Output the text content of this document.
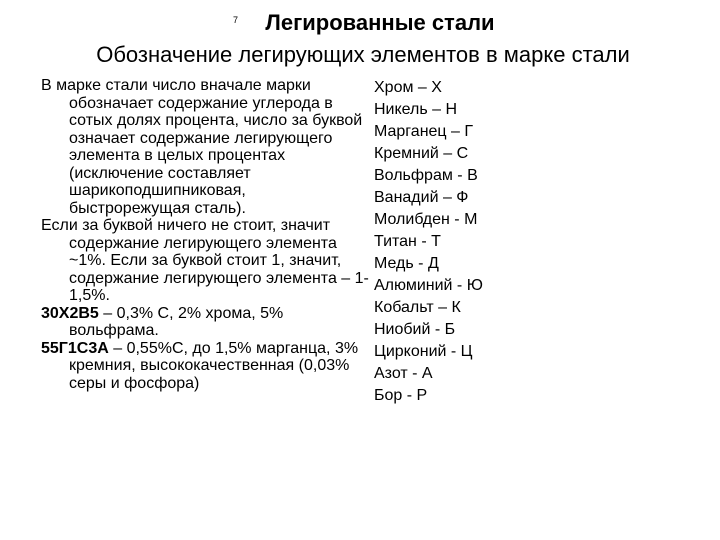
7	Легированные стали
Обозначение легирующих элементов в марке стали

В марке стали число вначале марки обозначает содержание углерода в сотых долях процента, число за буквой означает содержание легирующего элемента в целых процентах (исключение составляет шарикоподшипниковая, быстрорежущая сталь).

Если за буквой ничего не стоит, значит содержание легирующего элемента ~1%. Если за буквой стоит 1, значит, содержание легирующего элемента – 1-1,5%.

30Х2В5 – 0,3% С, 2% хрома, 5% вольфрама.

55Г1С3А – 0,55%С, до 1,5% марганца, 3% кремния, высококачественная (0,03% серы и фосфора)

Хром – Х
Никель – Н
Марганец – Г
Кремний – С
Вольфрам - В
Ванадий – Ф
Молибден - М
Титан - Т
Медь - Д
Алюминий - Ю
Кобальт – К
Ниобий - Б
Цирконий - Ц
Азот - А
Бор - Р
